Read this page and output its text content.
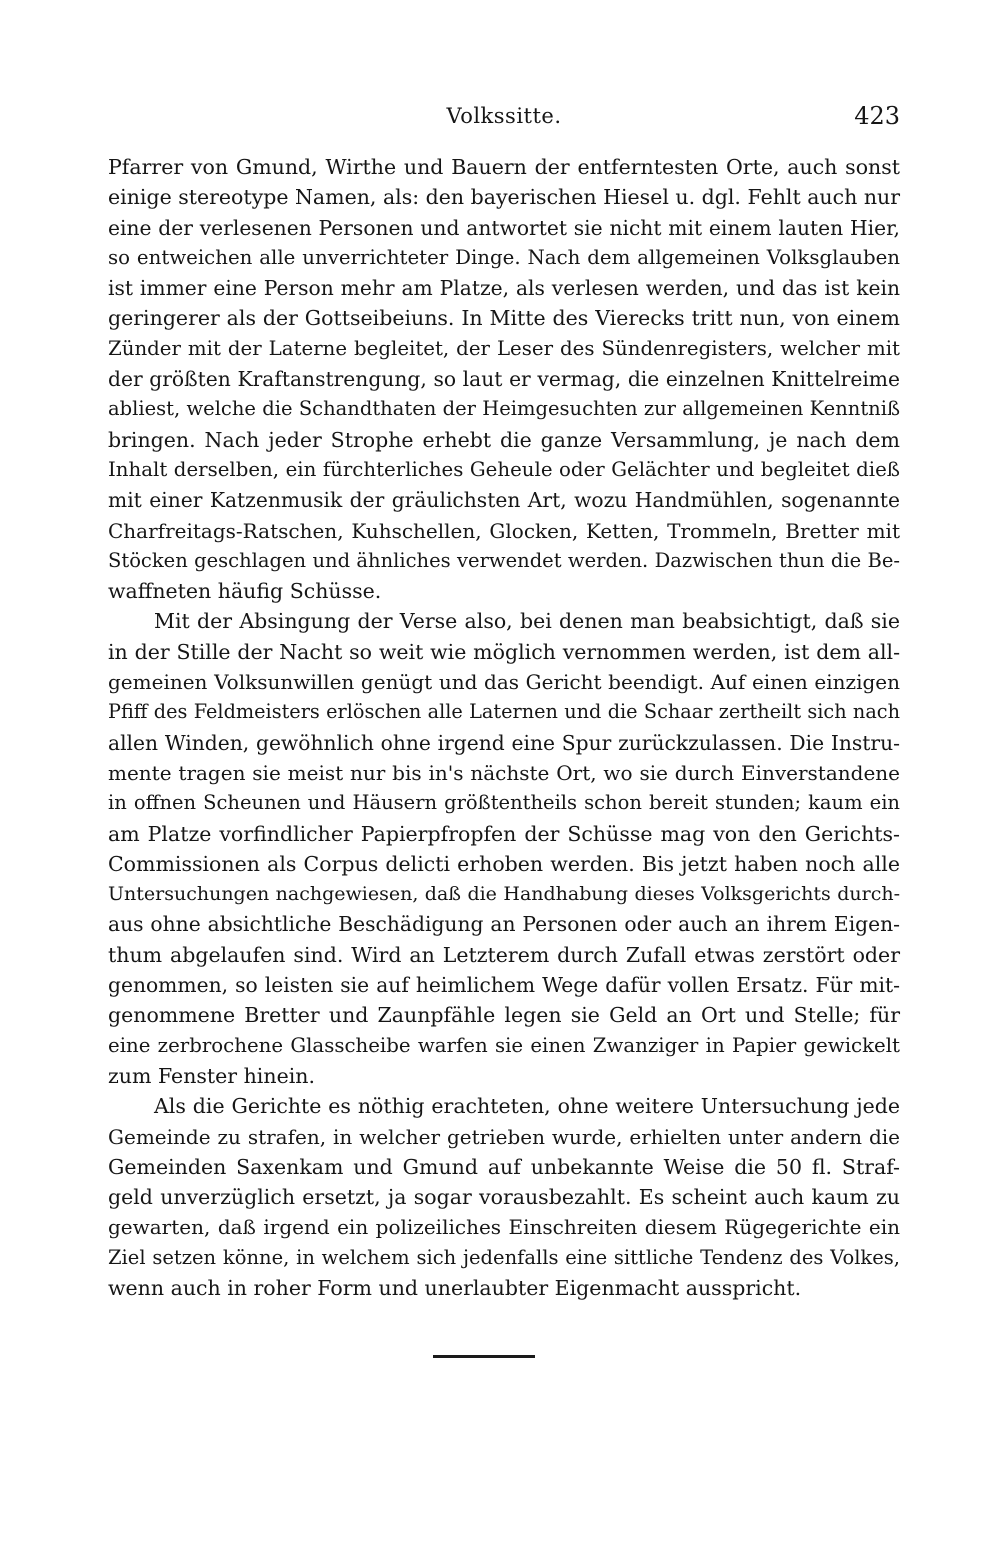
Volkssitte.	423
Pfarrer von Gmund, Wirthe und Bauern der entferntesten Orte, auch sonst
einige stereotype Namen, als: den bayerischen Hiesel u. dgl. Fehlt auch nur
eine der verlesenen Personen und antwortet sie nicht mit einem lauten Hier,
so entweichen alle unverrichteter Dinge. Nach dem allgemeinen Volksglauben
ist immer eine Person mehr am Platze, als verlesen werden, und das ist kein
geringerer als der Gottseibeiuns. In Mitte des Vierecks tritt nun, von einem
Zünder mit der Laterne begleitet, der Leser des Sündenregisters, welcher mit
der größten Kraftanstrengung, so laut er vermag, die einzelnen Knittelreime
abliest, welche die Schandthaten der Heimgesuchten zur allgemeinen Kenntniß
bringen. Nach jeder Strophe erhebt die ganze Versammlung, je nach dem
Inhalt derselben, ein fürchterliches Geheule oder Gelächter und begleitet dieß
mit einer Katzenmusik der gräulichsten Art, wozu Handmühlen, sogenannte
Charfreitags-Ratschen, Kuhschellen, Glocken, Ketten, Trommeln, Bretter mit
Stöcken geschlagen und ähnliches verwendet werden. Dazwischen thun die Be-
waffneten häufig Schüsse.
Mit der Absingung der Verse also, bei denen man beabsichtigt, daß sie
in der Stille der Nacht so weit wie möglich vernommen werden, ist dem all-
gemeinen Volksunwillen genügt und das Gericht beendigt. Auf einen einzigen
Pfiff des Feldmeisters erlöschen alle Laternen und die Schaar zertheilt sich nach
allen Winden, gewöhnlich ohne irgend eine Spur zurückzulassen. Die Instru-
mente tragen sie meist nur bis in's nächste Ort, wo sie durch Einverstandene
in offnen Scheunen und Häusern größtentheils schon bereit stunden; kaum ein
am Platze vorfindlicher Papierpfropfen der Schüsse mag von den Gerichts-
Commissionen als Corpus delicti erhoben werden. Bis jetzt haben noch alle
Untersuchungen nachgewiesen, daß die Handhabung dieses Volksgerichts durch-
aus ohne absichtliche Beschädigung an Personen oder auch an ihrem Eigen-
thum abgelaufen sind. Wird an Letzterem durch Zufall etwas zerstört oder
genommen, so leisten sie auf heimlichem Wege dafür vollen Ersatz. Für mit-
genommene Bretter und Zaunpfähle legen sie Geld an Ort und Stelle; für
eine zerbrochene Glasscheibe warfen sie einen Zwanziger in Papier gewickelt
zum Fenster hinein.
Als die Gerichte es nöthig erachteten, ohne weitere Untersuchung jede
Gemeinde zu strafen, in welcher getrieben wurde, erhielten unter andern die
Gemeinden Saxenkam und Gmund auf unbekannte Weise die 50 fl. Straf-
geld unverzüglich ersetzt, ja sogar vorausbezahlt. Es scheint auch kaum zu
gewarten, daß irgend ein polizeiliches Einschreiten diesem Rügegerichte ein
Ziel setzen könne, in welchem sich jedenfalls eine sittliche Tendenz des Volkes,
wenn auch in roher Form und unerlaubter Eigenmacht ausspricht.
